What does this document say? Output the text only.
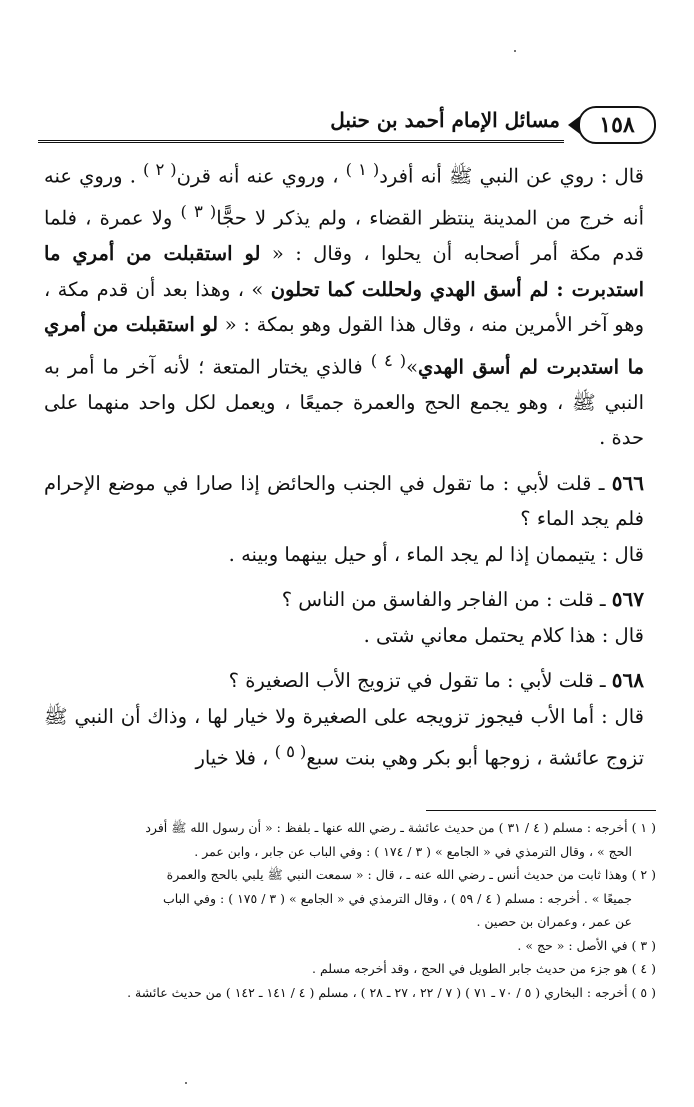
١٥٨
مسائل الإمام أحمد بن حنبل

قال : روي عن النبي ﷺ أنه أفرد$^{( ١ )}$ ، وروي عنه أنه قرن$^{( ٢ )}$ . وروي عنه أنه خرج من المدينة ينتظر القضاء ، ولم يذكر لا حجًّا$^{( ٣ )}$ ولا عمرة ، فلما قدم مكة أمر أصحابه أن يحلوا ، وقال : « لو استقبلت من أمري ما استدبرت : لم أسق الهدي ولحللت كما تحلون » ، وهذا بعد أن قدم مكة ، وهو آخر الأمرين منه ، وقال هذا القول وهو بمكة : « لو استقبلت من أمري ما استدبرت لم أسق الهدي»$^{( ٤ )}$ فالذي يختار المتعة ؛ لأنه آخر ما أمر به النبي ﷺ ، وهو يجمع الحج والعمرة جميعًا ، ويعمل لكل واحد منهما على حدة .

٥٦٦ ـ قلت لأبي : ما تقول في الجنب والحائض إذا صارا في موضع الإحرام فلم يجد الماء ؟

قال : يتيممان إذا لم يجد الماء ، أو حيل بينهما وبينه .

٥٦٧ ـ قلت : من الفاجر والفاسق من الناس ؟

قال : هذا كلام يحتمل معاني شتى .

٥٦٨ ـ قلت لأبي : ما تقول في تزويج الأب الصغيرة ؟

قال : أما الأب فيجوز تزويجه على الصغيرة ولا خيار لها ، وذاك أن النبي ﷺ تزوج عائشة ، زوجها أبو بكر وهي بنت سبع$^{( ٥ )}$ ، فلا خيار

( ١ ) أخرجه : مسلم ( ٤ / ٣١ ) من حديث عائشة ـ رضي الله عنها ـ بلفظ : « أن رسول الله ﷺ أفرد

الحج » ، وقال الترمذي في « الجامع » ( ٣ / ١٧٤ ) : وفي الباب عن جابر ، وابن عمر .

( ٢ ) وهذا ثابت من حديث أنس ـ رضي الله عنه ـ ، قال : « سمعت النبي ﷺ يلبي بالحج والعمرة

جميعًا » . أخرجه : مسلم ( ٤ / ٥٩ ) ، وقال الترمذي في « الجامع » ( ٣ / ١٧٥ ) : وفي الباب

عن عمر ، وعمران بن حصين .

( ٣ ) في الأصل : « حج » .

( ٤ ) هو جزء من حديث جابر الطويل في الحج ، وقد أخرجه مسلم .

( ٥ ) أخرجه : البخاري ( ٥ / ٧٠ ـ ٧١ ) ( ٧ / ٢٢ ، ٢٧ ـ ٢٨ ) ، مسلم ( ٤ / ١٤١ ـ ١٤٢ ) من حديث عائشة .
